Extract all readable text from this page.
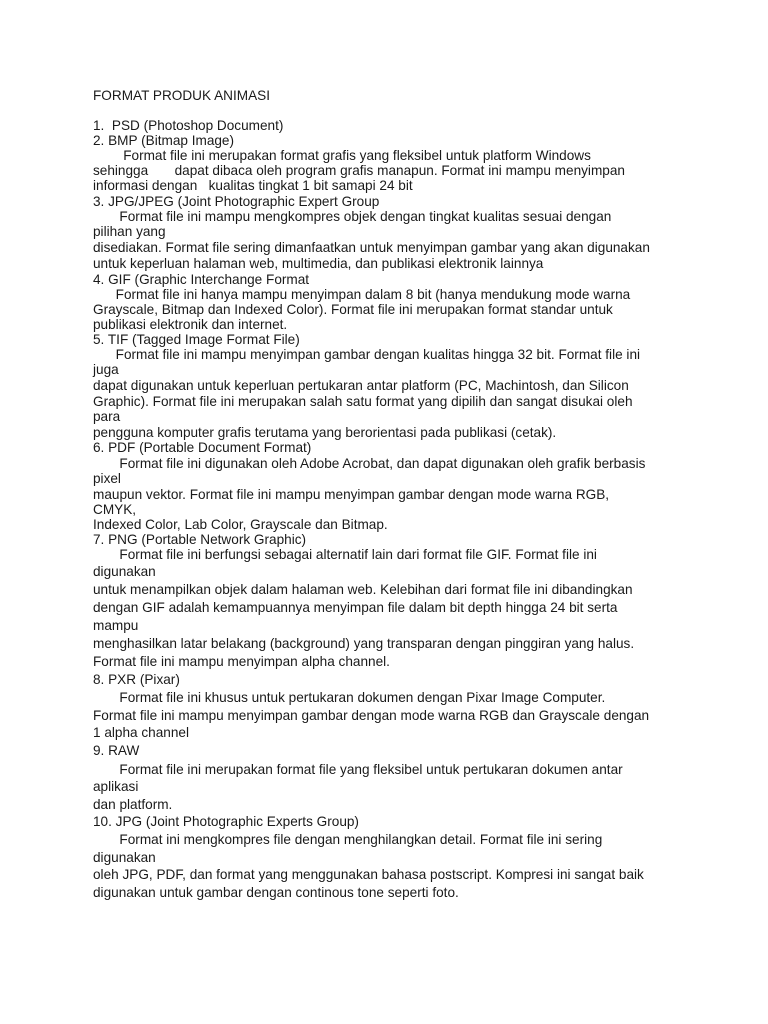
FORMAT PRODUK ANIMASI

1.  PSD (Photoshop Document)

2. BMP (Bitmap Image)

Format file ini merupakan format grafis yang fleksibel untuk platform Windows

sehingga       dapat dibaca oleh program grafis manapun. Format ini mampu menyimpan

informasi dengan   kualitas tingkat 1 bit samapi 24 bit

3. JPG/JPEG (Joint Photographic Expert Group

Format file ini mampu mengkompres objek dengan tingkat kualitas sesuai dengan

pilihan yang

disediakan. Format file sering dimanfaatkan untuk menyimpan gambar yang akan digunakan

untuk keperluan halaman web, multimedia, dan publikasi elektronik lainnya

4. GIF (Graphic Interchange Format

Format file ini hanya mampu menyimpan dalam 8 bit (hanya mendukung mode warna

Grayscale, Bitmap dan Indexed Color). Format file ini merupakan format standar untuk

publikasi elektronik dan internet.

5. TIF (Tagged Image Format File)

Format file ini mampu menyimpan gambar dengan kualitas hingga 32 bit. Format file ini

juga

dapat digunakan untuk keperluan pertukaran antar platform (PC, Machintosh, dan Silicon

Graphic). Format file ini merupakan salah satu format yang dipilih dan sangat disukai oleh

para

pengguna komputer grafis terutama yang berorientasi pada publikasi (cetak).

6. PDF (Portable Document Format)

Format file ini digunakan oleh Adobe Acrobat, dan dapat digunakan oleh grafik berbasis

pixel

maupun vektor. Format file ini mampu menyimpan gambar dengan mode warna RGB,

CMYK,

Indexed Color, Lab Color, Grayscale dan Bitmap.

7. PNG (Portable Network Graphic)

Format file ini berfungsi sebagai alternatif lain dari format file GIF. Format file ini

digunakan

untuk menampilkan objek dalam halaman web. Kelebihan dari format file ini dibandingkan

dengan GIF adalah kemampuannya menyimpan file dalam bit depth hingga 24 bit serta

mampu

menghasilkan latar belakang (background) yang transparan dengan pinggiran yang halus.

Format file ini mampu menyimpan alpha channel.

8. PXR (Pixar)

Format file ini khusus untuk pertukaran dokumen dengan Pixar Image Computer.

Format file ini mampu menyimpan gambar dengan mode warna RGB dan Grayscale dengan

1 alpha channel

9. RAW

Format file ini merupakan format file yang fleksibel untuk pertukaran dokumen antar

aplikasi

dan platform.

10. JPG (Joint Photographic Experts Group)

Format ini mengkompres file dengan menghilangkan detail. Format file ini sering

digunakan

oleh JPG, PDF, dan format yang menggunakan bahasa postscript. Kompresi ini sangat baik

digunakan untuk gambar dengan continous tone seperti foto.
